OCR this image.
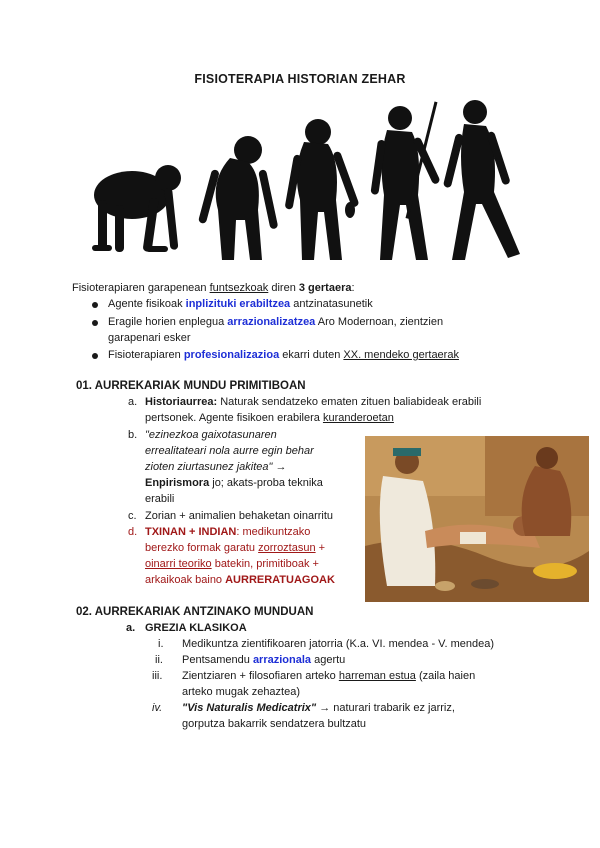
FISIOTERAPIA HISTORIAN ZEHAR
Fisioterapiaren garapenean funtsezkoak diren 3 gertaera:
Agente fisikoak inplizituki erabiltzea antzinatasunetik
Eragile horien enplegua arrazionalizatzea Aro Modernoan, zientzien
garapenari esker
Fisioterapiaren profesionalizazioa ekarri duten XX. mendeko gertaerak
01. AURREKARIAK MUNDU PRIMITIBOAN
a. Historiaurrea: Naturak sendatzeko ematen zituen baliabideak erabili
pertsonek. Agente fisikoen erabilera kuranderoetan
b. "ezinezkoa gaixotasunaren
errealitateari nola aurre egin behar
zioten ziurtasunez jakitea" →
Enpirismora jo; akats-proba teknika
erabili
c. Zorian + animalien behaketan oinarritu
d. TXINAN + INDIAN: medikuntzako
berezko formak garatu zorroztasun +
oinarri teoriko batekin, primitiboak +
arkaikoak baino AURRERATUAGOAK
02. AURREKARIAK ANTZINAKO MUNDUAN
a. GREZIA KLASIKOA
i. Medikuntza zientifikoaren jatorria (K.a. VI. mendea - V. mendea)
ii. Pentsamendu arrazionala agertu
iii. Zientziaren + filosofiaren arteko harreman estua (zaila haien
arteko mugak zehaztea)
iv. "Vis Naturalis Medicatrix" → naturari trabarik ez jarriz,
gorputza bakarrik sendatzera bultzatu
